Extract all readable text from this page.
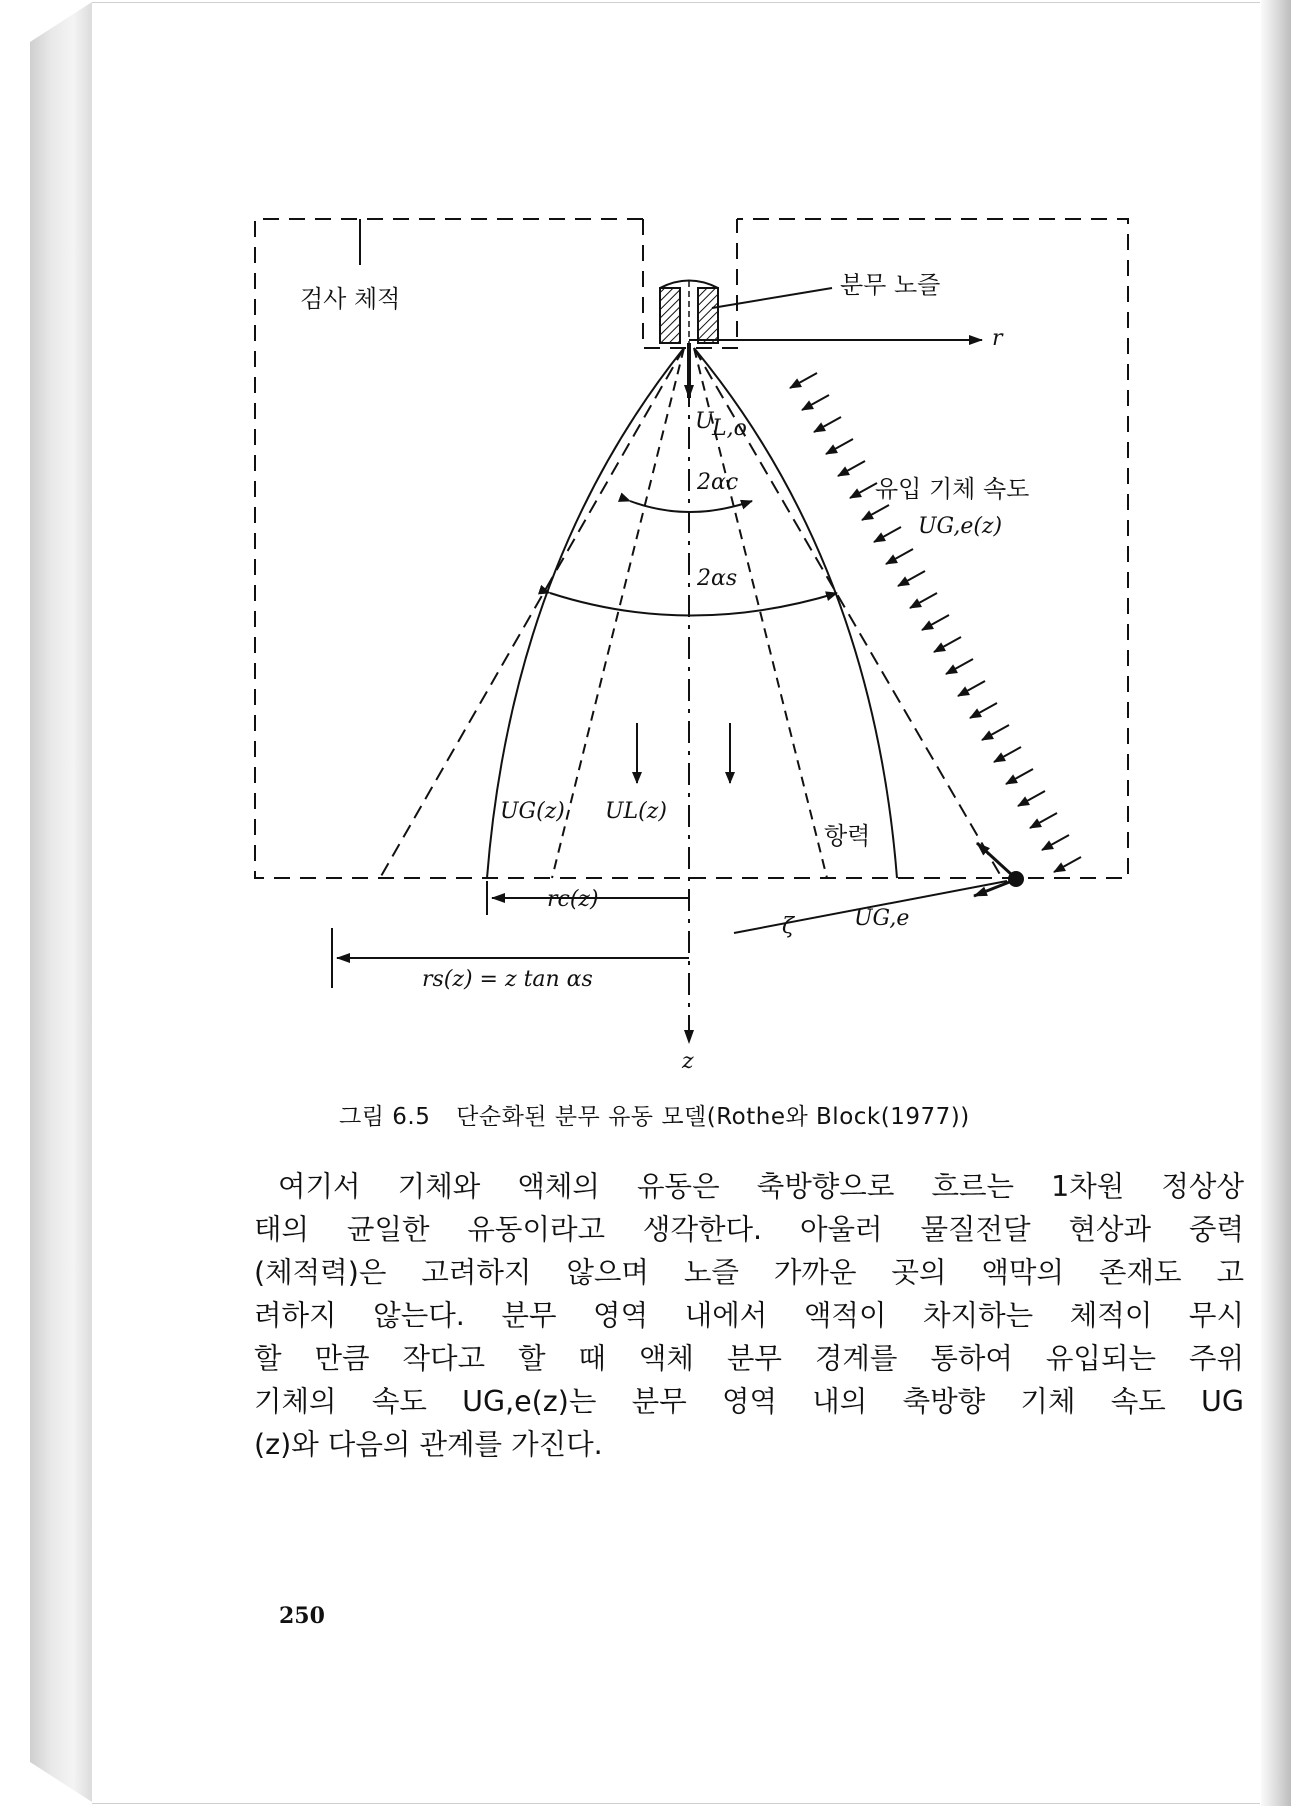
검사 체적	분무 노즐
r
z
U
L,o
2αc
2αs
유입 기체 속도
UG,e(z)
UG(z) UL(z)
항력
UG,e
ζ
rc(z)
rs(z) = z tan αs
그림 6.5 단순화된 분무 유동 모델(Rothe와 Block(1977))
여기서 기체와 액체의 유동은 축방향으로 흐르는 1차원 정상상
태의 균일한 유동이라고 생각한다. 아울러 물질전달 현상과 중력
(체적력)은 고려하지 않으며 노즐 가까운 곳의 액막의 존재도 고
려하지 않는다. 분무 영역 내에서 액적이 차지하는 체적이 무시
할 만큼 작다고 할 때 액체 분무 경계를 통하여 유입되는 주위
기체의 속도 UG,e(z)는 분무 영역 내의 축방향 기체 속도 UG
(z)와 다음의 관계를 가진다.
250
